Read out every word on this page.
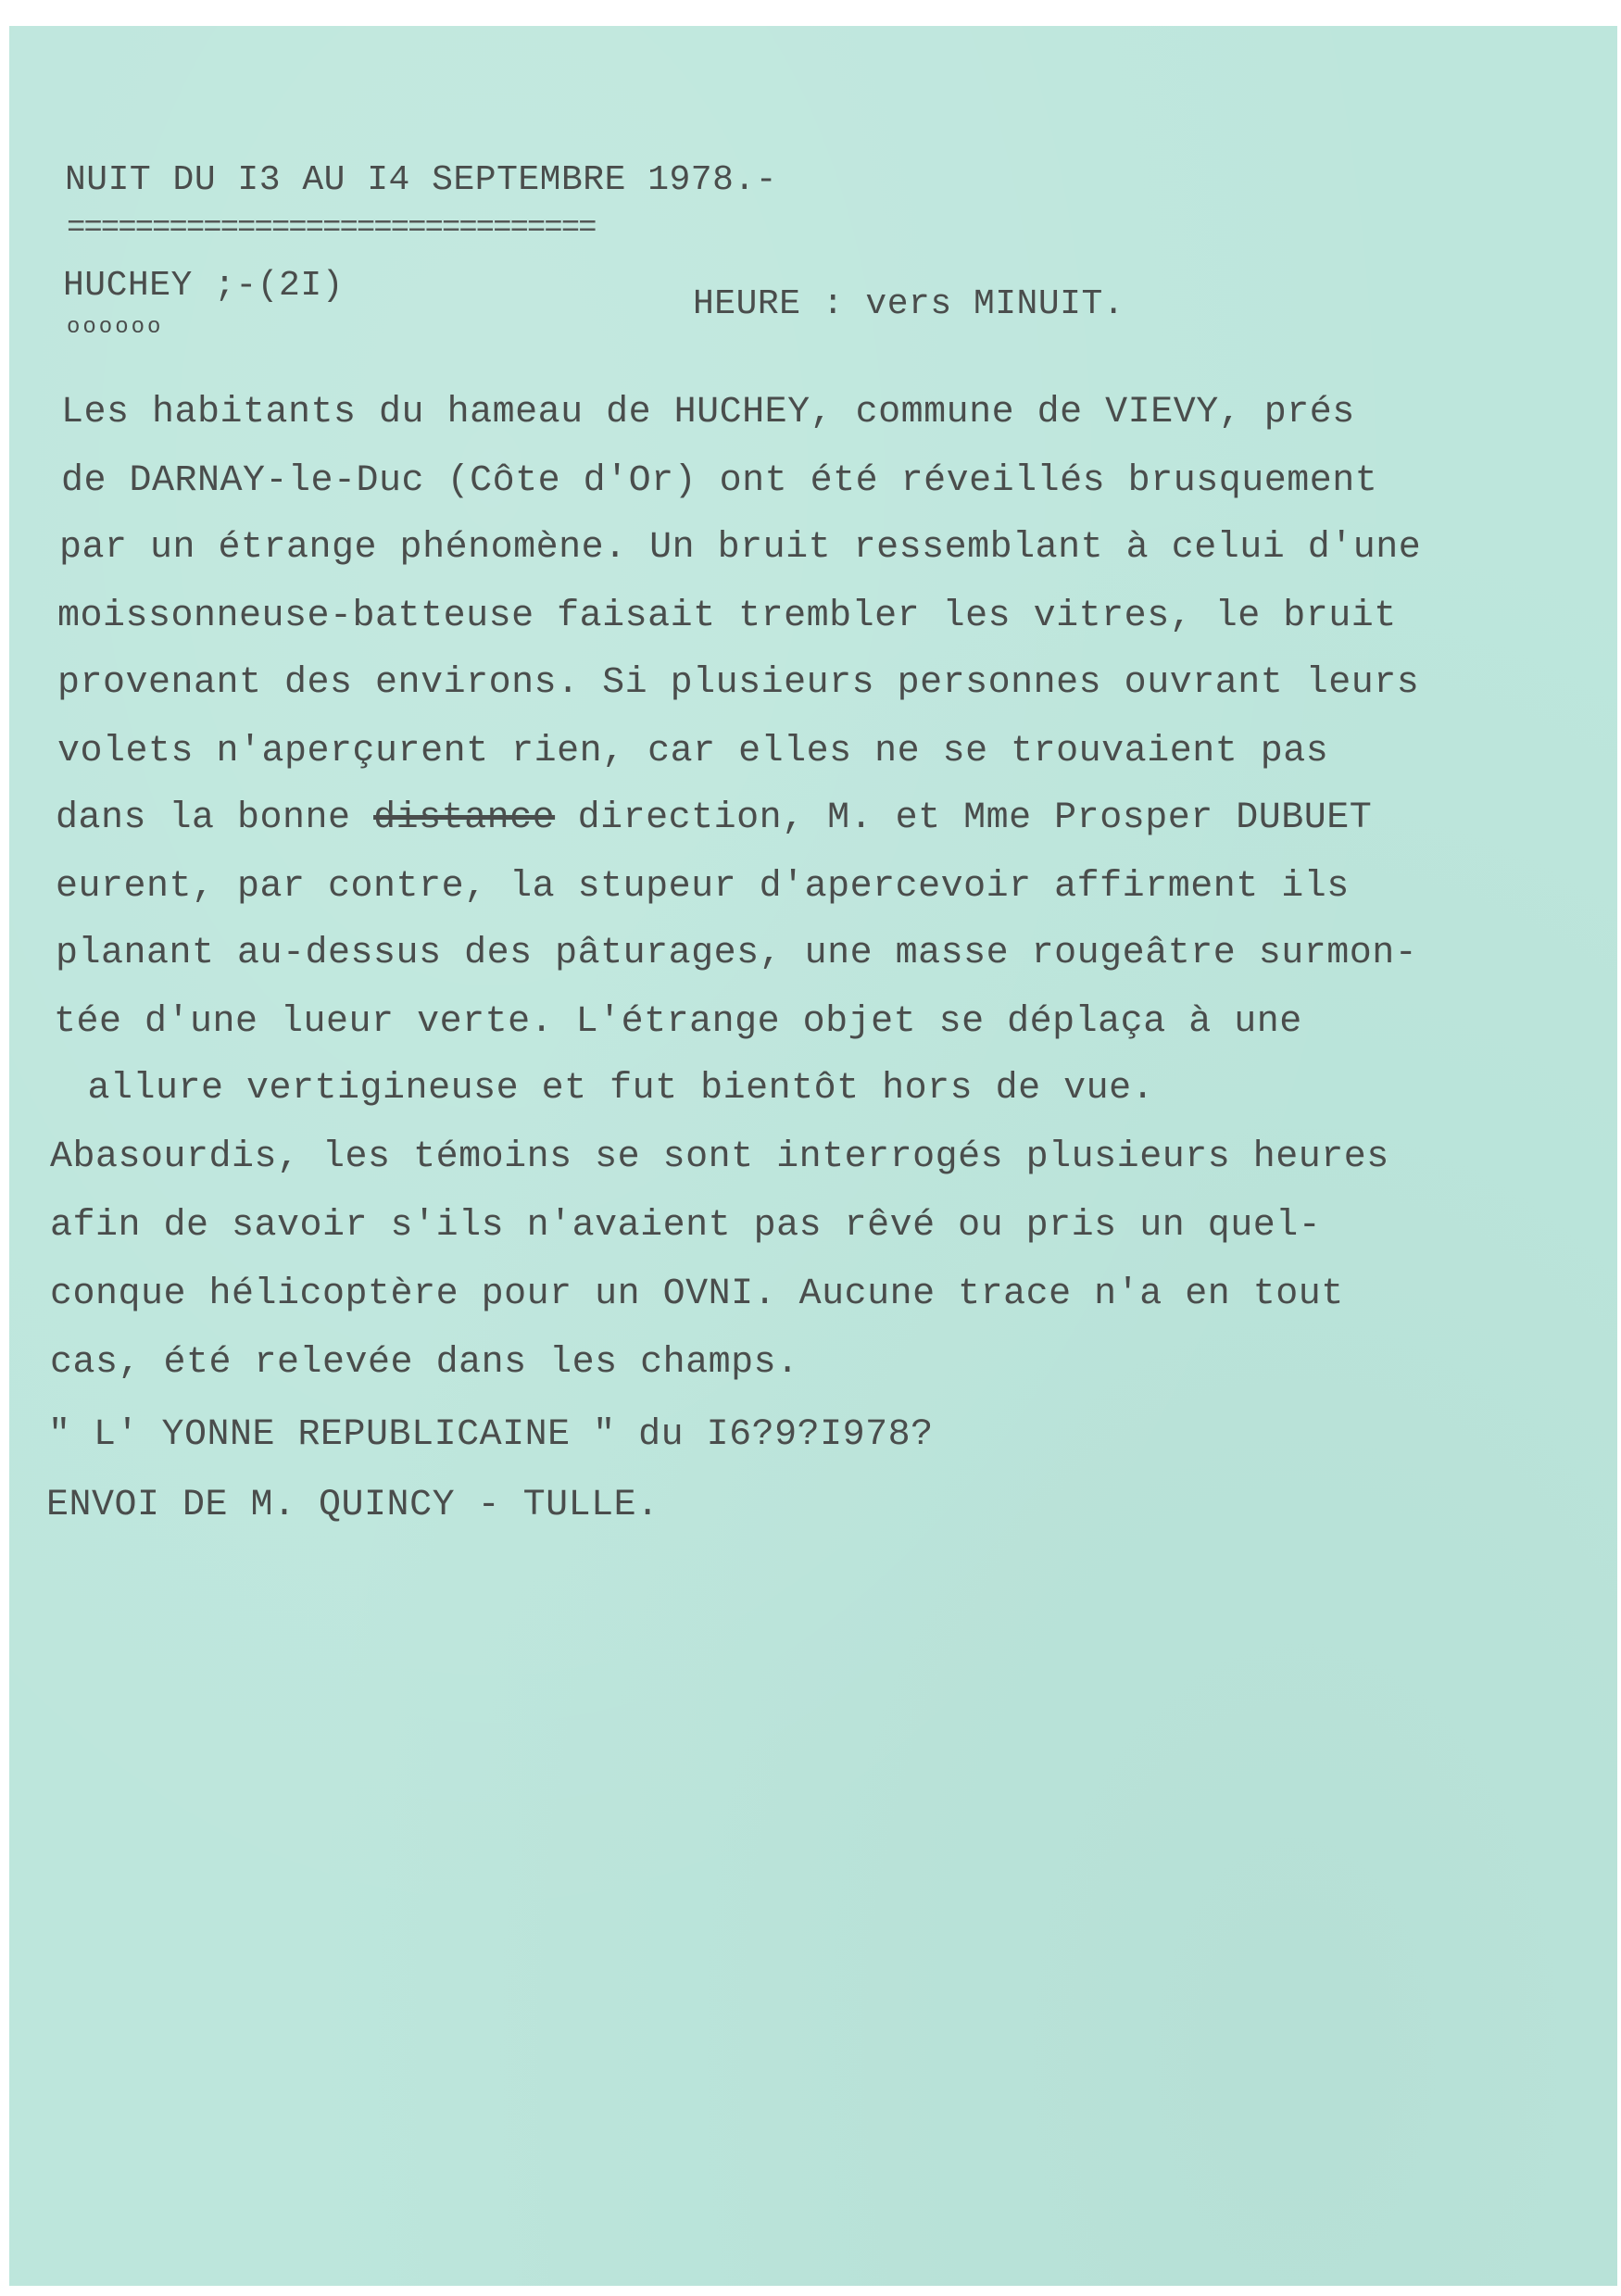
NUIT DU I3 AU I4 SEPTEMBRE 1978.-
===============================
HUCHEY ;-(2I)
oooooo
HEURE : vers MINUIT.
Les habitants du hameau de HUCHEY, commune de VIEVY, prés
de DARNAY-le-Duc (Côte d'Or) ont été réveillés brusquement
par un étrange phénomène. Un bruit ressemblant à celui d'une
moissonneuse-batteuse faisait trembler les vitres, le bruit
provenant des environs. Si plusieurs personnes ouvrant leurs
volets n'aperçurent rien, car elles ne se trouvaient pas
dans la bonne distance direction, M. et Mme Prosper DUBUET
eurent, par contre, la stupeur d'apercevoir affirment ils
planant au-dessus des pâturages, une masse rougeâtre surmon-
tée d'une lueur verte. L'étrange objet se déplaça à une
allure vertigineuse et fut bientôt hors de vue.
Abasourdis, les témoins se sont interrogés plusieurs heures
afin de savoir s'ils n'avaient pas rêvé ou pris un quel-
conque hélicoptère pour un OVNI. Aucune trace n'a en tout
cas, été relevée dans les champs.
" L' YONNE REPUBLICAINE " du I6?9?I978?
ENVOI DE M. QUINCY - TULLE.
